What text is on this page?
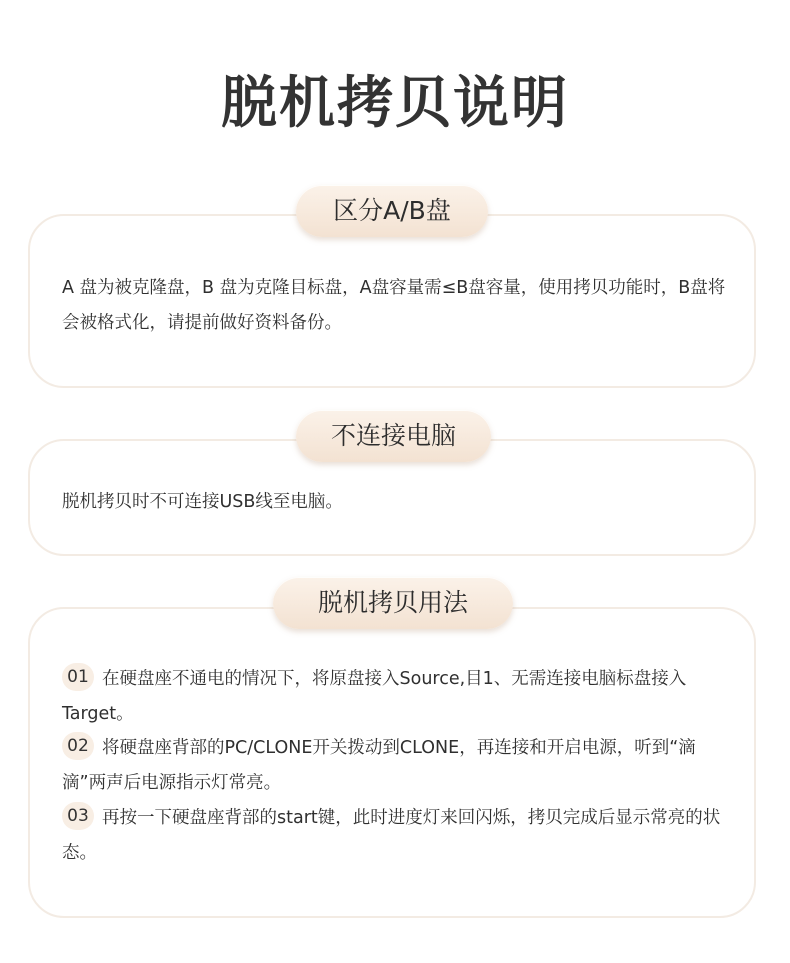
脱机拷贝说明
区分A/B盘
A 盘为被克隆盘，B 盘为克隆目标盘，A盘容量需≤B盘容量，使用拷贝功能时，B盘将会被格式化，请提前做好资料备份。
不连接电脑
脱机拷贝时不可连接USB线至电脑。
脱机拷贝用法
01 在硬盘座不通电的情况下，将原盘接入Source,目1、无需连接电脑标盘接入Target。
02 将硬盘座背部的PC/CLONE开关拨动到CLONE，再连接和开启电源，听到“滴滴”两声后电源指示灯常亮。
03 再按一下硬盘座背部的start键，此时进度灯来回闪烁，拷贝完成后显示常亮的状态。
